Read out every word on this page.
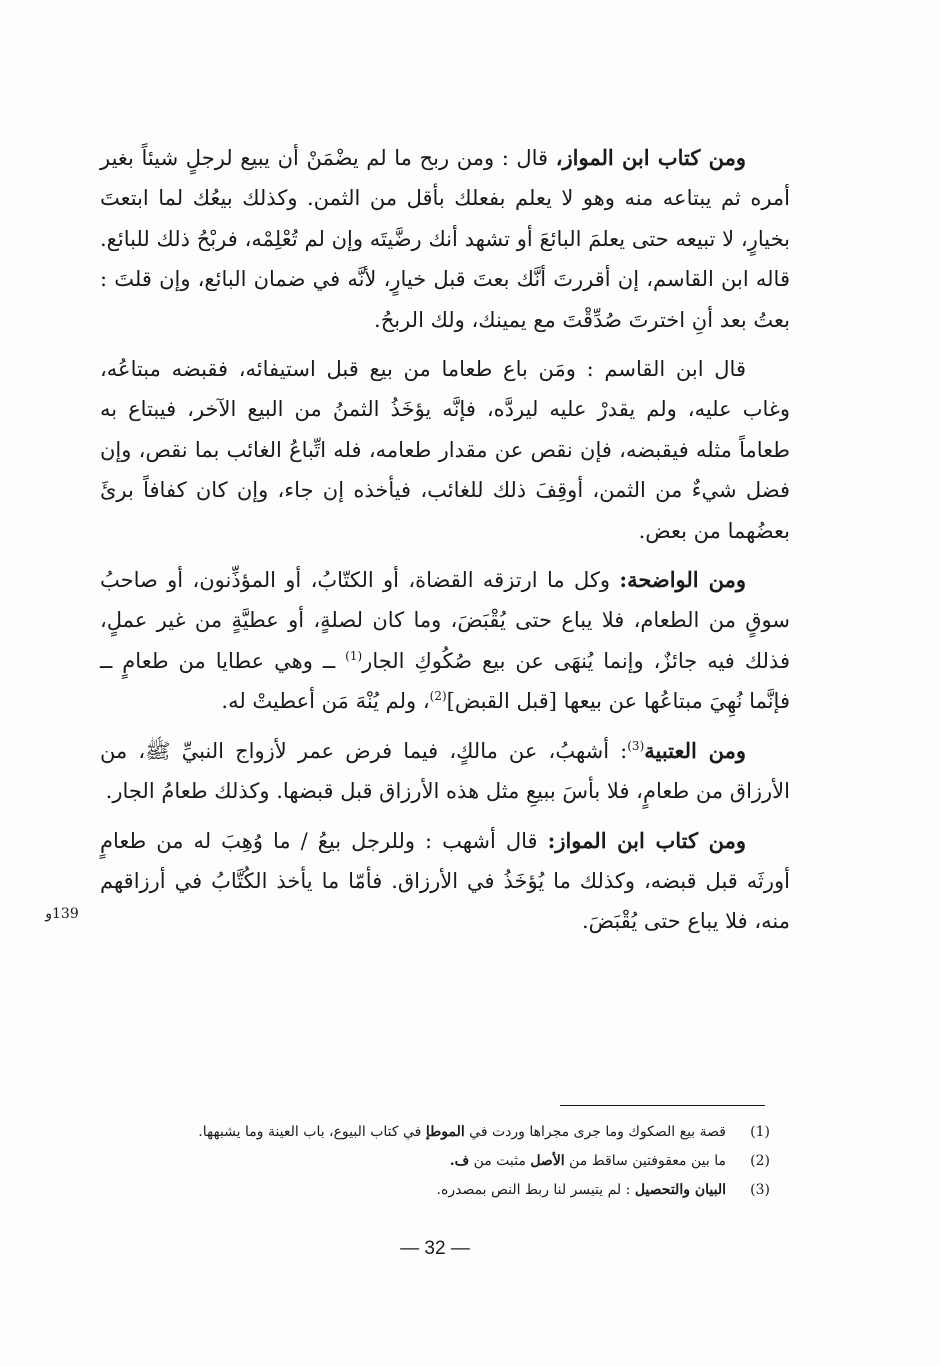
ومن كتاب ابن المواز، قال : ومن ربح ما لم يضْمَنْ أن يبيع لرجلٍ شيئاً بغير أمره ثم يبتاعه منه وهو لا يعلم بفعلك بأقل من الثمن. وكذلك بيعُك لما ابتعتَ بخيارٍ، لا تبيعه حتى يعلمَ البائعَ أو تشهد أنك رضَّيتَه وإن لم تُعْلِمْه، فربْحُ ذلك للبائع. قاله ابن القاسم، إن أقررتَ أنَّك بعتَ قبل خيارٍ، لأنَّه في ضمان البائع، وإن قلتَ : بعتُ بعد أنِ اخترتَ صُدِّقْتَ مع يمينك، ولك الربحُ.

قال ابن القاسم : ومَن باع طعاما من بيع قبل استيفائه، فقبضه مبتاعُه، وغاب عليه، ولم يقدرْ عليه ليردَّه، فإنَّه يؤخَذُ الثمنُ من البيع الآخر، فيبتاع به طعاماً مثله فيقبضه، فإن نقص عن مقدار طعامه، فله اتِّباعُ الغائب بما نقص، وإن فضل شيءٌ من الثمن، أوقِفَ ذلك للغائب، فيأخذه إن جاء، وإن كان كفافاً برئَ بعضُهما من بعض.

ومن الواضحة: وكل ما ارتزقه القضاة، أو الكتّابُ، أو المؤذِّنون، أو صاحبُ سوقٍ من الطعام، فلا يباع حتى يُقْبَضَ، وما كان لصلةٍ، أو عطيَّةٍ من غير عملٍ، فذلك فيه جائزٌ، وإنما يُنهَى عن بيع صُكُوكِ الجار$^{(1)}$ ــ وهي عطايا من طعامٍ ــ فإنَّما نُهِيَ مبتاعُها عن بيعها [قبل القبض]$^{(2)}$، ولم يُنْهَ مَن أعطيتْ له.

ومن العتبية$^{(3)}$: أشهبُ، عن مالكٍ، فيما فرض عمر لأزواج النبيِّ ﷺ، من الأرزاق من طعامٍ، فلا بأسَ ببيعِ مثل هذه الأرزاق قبل قبضها. وكذلك طعامُ الجار.

ومن كتاب ابن المواز: قال أشهب : وللرجل بيعُ / ما وُهِبَ له من طعامٍ أورثَه قبل قبضه، وكذلك ما يُؤخَذُ في الأرزاق. فأمّا ما يأخذ الكُتَّابُ في أرزاقهم منه، فلا يباع حتى يُقْبَضَ.

139و
(1)قصة بيع الصكوك وما جرى مجراها وردت في الموطإ في كتاب البيوع، باب العينة وما يشبهها.
(2)ما بين معقوفتين ساقط من الأصل مثبت من ف.
(3)البيان والتحصيل : لم يتيسر لنا ربط النص بمصدره.
— 32 —
